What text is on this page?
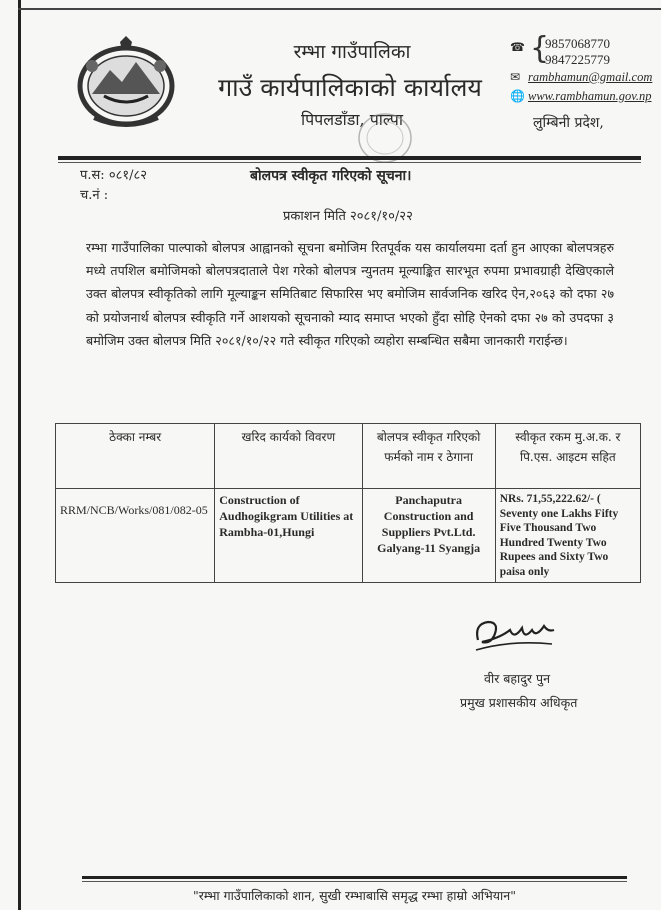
रम्भा गाउँपालिका
गाउँ कार्यपालिकाको कार्यालय
पिपलडाँडा, पाल्पा
☎ {
9857068770
9847225779
✉ rambhamun@gmail.com
🌐 www.rambhamun.gov.np
लुम्बिनी प्रदेश,
प.स: ०८१/८२
च.नं :
बोलपत्र स्वीकृत गरिएको सूचना।
प्रकाशन मिति २०८१/१०/२२
रम्भा गाउँपालिका पाल्पाको बोलपत्र आह्वानको सूचना बमोजिम रितपूर्वक यस कार्यालयमा दर्ता हुन आएका बोलपत्रहरु मध्ये तपशिल बमोजिमको बोलपत्रदाताले पेश गरेको बोलपत्र न्युनतम मूल्याङ्कित सारभूत रुपमा प्रभावग्राही देखिएकाले उक्त बोलपत्र स्वीकृतिको लागि मूल्याङ्कन समितिबाट सिफारिस भए बमोजिम सार्वजनिक खरिद ऐन,२०६३ को दफा २७ को प्रयोजनार्थ बोलपत्र स्वीकृति गर्ने आशयको सूचनाको म्याद समाप्त भएको हुँदा सोहि ऐनको दफा २७ को उपदफा ३ बमोजिम उक्त बोलपत्र मिति २०८१/१०/२२ गते स्वीकृत गरिएको व्यहोरा सम्बन्धित सबैमा जानकारी गराईन्छ।
ठेक्का नम्बर	खरिद कार्यको विवरण	बोलपत्र स्वीकृत गरिएको फर्मको नाम र ठेगाना	स्वीकृत रकम मु.अ.क. र पि.एस. आइटम सहित
RRM/NCB/Works/081/082-05	Construction of Audhogikgram Utilities at Rambha-01,Hungi	Panchaputra Construction and Suppliers Pvt.Ltd. Galyang-11 Syangja	NRs. 71,55,222.62/- ( Seventy one Lakhs Fifty Five Thousand Two Hundred Twenty Two Rupees and Sixty Two paisa only
वीर बहादुर पुन
प्रमुख प्रशासकीय अधिकृत
"रम्भा गाउँपालिकाको शान, सुखी रम्भाबासि समृद्ध रम्भा हाम्रो अभियान"
